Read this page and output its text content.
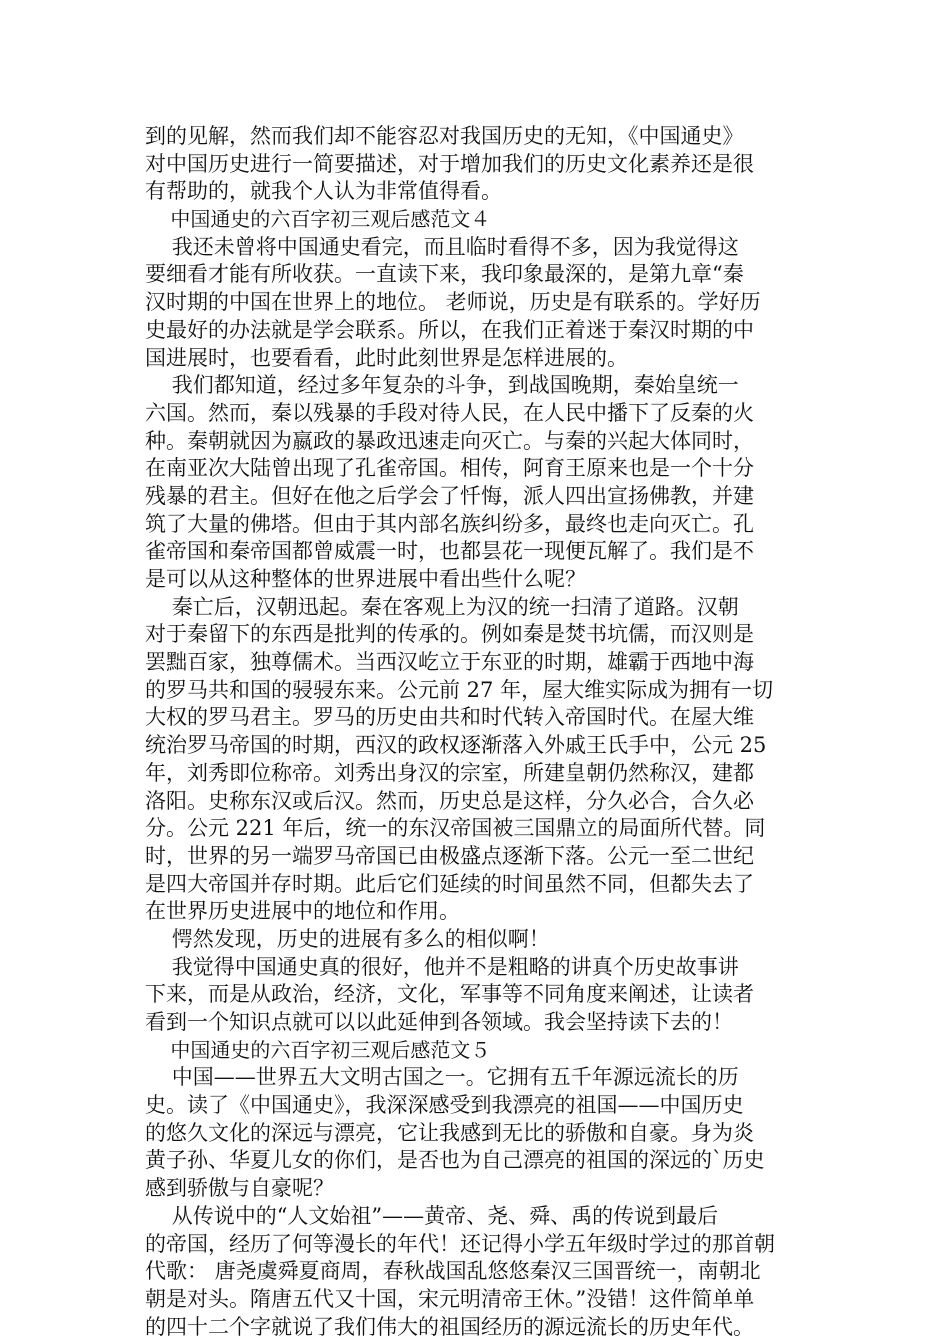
到的见解，然而我们却不能容忍对我国历史的无知，《中国通史》
对中国历史进行一简要描述，对于增加我们的历史文化素养还是很
有帮助的，就我个人认为非常值得看。
中国通史的六百字初三观后感范文４
我还未曾将中国通史看完，而且临时看得不多，因为我觉得这
要细看才能有所收获。一直读下来，我印象最深的，是第九章“秦
汉时期的中国在世界上的地位。 老师说，历史是有联系的。学好历
史最好的办法就是学会联系。所以，在我们正着迷于秦汉时期的中
国进展时，也要看看，此时此刻世界是怎样进展的。
我们都知道，经过多年复杂的斗争，到战国晚期，秦始皇统一
六国。然而，秦以残暴的手段对待人民，在人民中播下了反秦的火
种。秦朝就因为嬴政的暴政迅速走向灭亡。与秦的兴起大体同时，
在南亚次大陆曾出现了孔雀帝国。相传，阿育王原来也是一个十分
残暴的君主。但好在他之后学会了忏悔，派人四出宣扬佛教，并建
筑了大量的佛塔。但由于其内部名族纠纷多，最终也走向灭亡。孔
雀帝国和秦帝国都曾威震一时，也都昙花一现便瓦解了。我们是不
是可以从这种整体的世界进展中看出些什么呢？
秦亡后，汉朝迅起。秦在客观上为汉的统一扫清了道路。汉朝
对于秦留下的东西是批判的传承的。例如秦是焚书坑儒，而汉则是
罢黜百家，独尊儒术。当西汉屹立于东亚的时期，雄霸于西地中海
的罗马共和国的骎骎东来。公元前 27 年，屋大维实际成为拥有一切
大权的罗马君主。罗马的历史由共和时代转入帝国时代。在屋大维
统治罗马帝国的时期，西汉的政权逐渐落入外戚王氏手中，公元 25
年，刘秀即位称帝。刘秀出身汉的宗室，所建皇朝仍然称汉，建都
洛阳。史称东汉或后汉。然而，历史总是这样，分久必合，合久必
分。公元 221 年后，统一的东汉帝国被三国鼎立的局面所代替。同
时，世界的另一端罗马帝国已由极盛点逐渐下落。公元一至二世纪
是四大帝国并存时期。此后它们延续的时间虽然不同，但都失去了
在世界历史进展中的地位和作用。
愕然发现，历史的进展有多么的相似啊！
我觉得中国通史真的很好，他并不是粗略的讲真个历史故事讲
下来，而是从政治，经济，文化，军事等不同角度来阐述，让读者
看到一个知识点就可以以此延伸到各领域。我会坚持读下去的！
中国通史的六百字初三观后感范文５
中国——世界五大文明古国之一。它拥有五千年源远流长的历
史。读了《中国通史》，我深深感受到我漂亮的祖国——中国历史
的悠久文化的深远与漂亮，它让我感到无比的骄傲和自豪。身为炎
黄子孙、华夏儿女的你们，是否也为自己漂亮的祖国的深远的`历史
感到骄傲与自豪呢？
从传说中的“人文始祖”——黄帝、尧、舜、禹的传说到最后
的帝国，经历了何等漫长的年代！还记得小学五年级时学过的那首朝
代歌： 唐尧虞舜夏商周，春秋战国乱悠悠秦汉三国晋统一，南朝北
朝是对头。隋唐五代又十国，宋元明清帝王休。”没错！这件简单单
的四十二个字就说了我们伟大的祖国经历的源远流长的历史年代。
